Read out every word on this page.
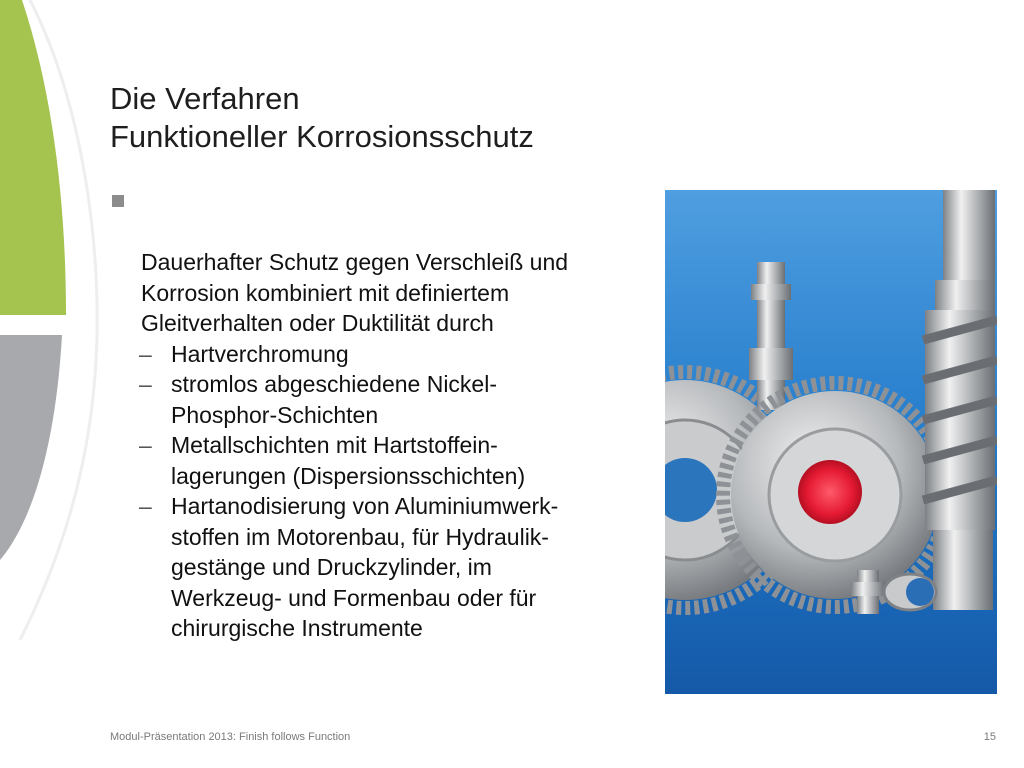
Die Verfahren
Funktioneller Korrosionsschutz

Dauerhafter Schutz gegen Verschleiß und
Korrosion kombiniert mit definiertem
Gleitverhalten oder Duktilität durch

– Hartverchromung
– stromlos abgeschiedene Nickel-
Phosphor-Schichten
– Metallschichten mit Hartstoffein-
lagerungen (Dispersionsschichten)
– Hartanodisierung von Aluminiumwerk-
stoffen im Motorenbau, für Hydraulik-
gestänge und Druckzylinder, im
Werkzeug- und Formenbau oder für
chirurgische Instrumente
Modul-Präsentation 2013: Finish follows Function	15
